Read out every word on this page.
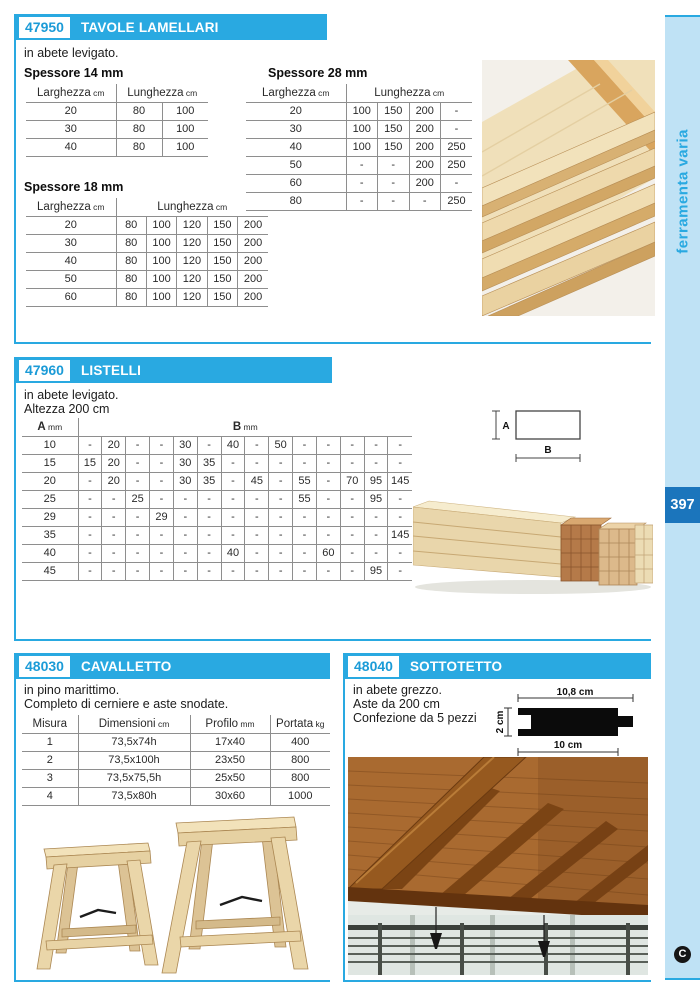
47950	TAVOLE LAMELLARI
in abete levigato.
Spessore 14 mm
Larghezza cm	Lunghezza cm	
20	80	100
30	80	100
40	80	100
Spessore 18 mm
Larghezza cm	Lunghezza cm				
20	80	100	120	150	200
30	80	100	120	150	200
40	80	100	120	150	200
50	80	100	120	150	200
60	80	100	120	150	200
Spessore 28 mm
Larghezza cm	Lunghezza cm			
20	100	150	200	-
30	100	150	200	-
40	100	150	200	250
50	-	-	200	250
60	-	-	200	-
80	-	-	-	250
47960	LISTELLI
in abete levigato.
Altezza 200 cm
A mm	B mm													
10	-	20	-	-	30	-	40	-	50	-	-	-	-	-
15	15	20	-	-	30	35	-	-	-	-	-	-	-	-
20	-	20	-	-	30	35	-	45	-	55	-	70	95	145
25	-	-	25	-	-	-	-	-	-	55	-	-	95	-
29	-	-	-	29	-	-	-	-	-	-	-	-	-	-
35	-	-	-	-	-	-	-	-	-	-	-	-	-	145
40	-	-	-	-	-	-	40	-	-	-	60	-	-	-
45	-	-	-	-	-	-	-	-	-	-	-	-	95	-
A
B
48030	CAVALLETTO
in pino marittimo.
Completo di cerniere e aste snodate.
Misura	Dimensioni cm	Profilo mm	Portata kg
1	73,5x74h	17x40	400
2	73,5x100h	23x50	800
3	73,5x75,5h	25x50	800
4	73,5x80h	30x60	1000
48040	SOTTOTETTO
in abete grezzo.
Aste da 200 cm
Confezione da 5 pezzi
10,8 cm
2 cm
10 cm
ferramenta varia
397
C
